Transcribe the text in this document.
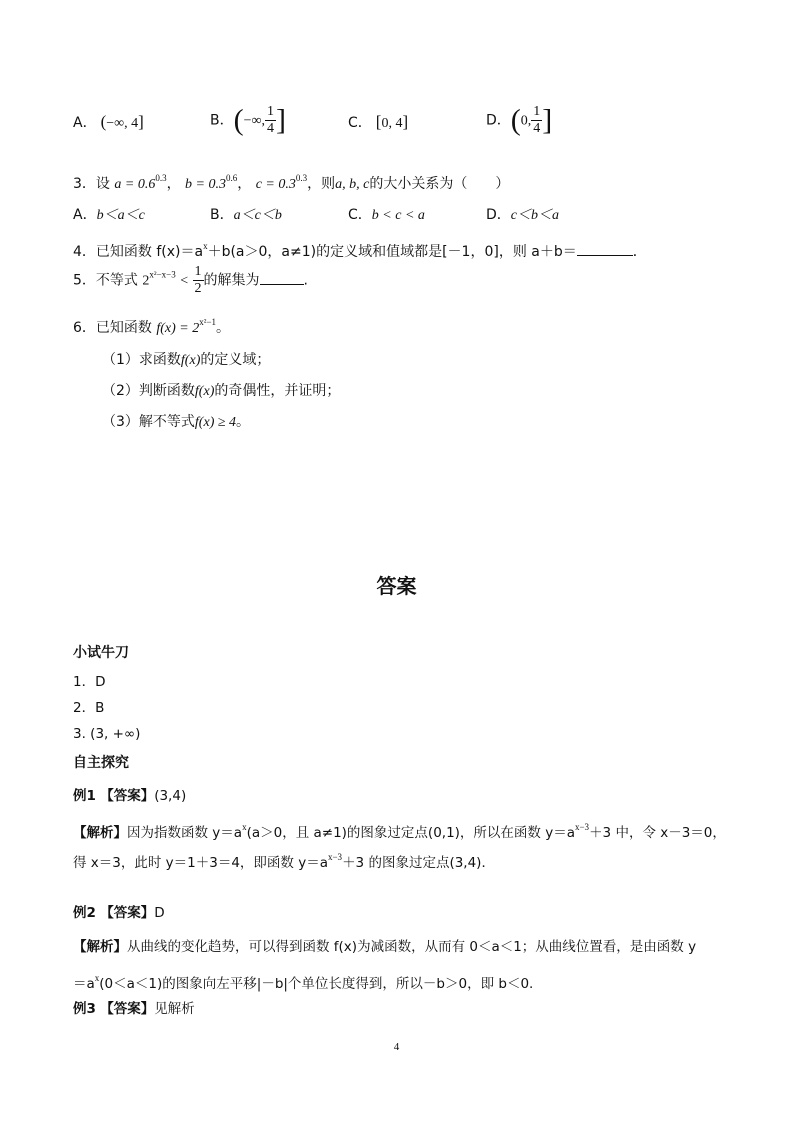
A． (−∞, 4]	B．(−∞, $\frac{1}{4}$ ]	C． [0, 4]	D．(0, $\frac{1}{4}$ ]
3．设 $a = 0.6^{0.3}$， $b = 0.3^{0.6}$， $c = 0.3^{0.3}$，则a, b, c的大小关系为（　　）
A．b＜a＜c	B．a＜c＜b	C．b < c < a	D．c＜b＜a
4．已知函数 $f(x)=a^x+b(a>0$，a≠1)的定义域和值域都是[－1，0]，则 a＋b＝	．
5．不等式 $2^{x^2-x-3} < \frac{1}{2}$ 的解集为	.
6．已知函数 $f(x) = 2^{x^2-1}$。
（1）求函数f(x)的定义域；
（2）判断函数f(x)的奇偶性，并证明；
（3）解不等式f(x) ≥ 4。
答案
小试牛刀
1．D
2．B
3. (3, +∞)
自主探究
例1 【答案】(3,4)
【解析】因为指数函数 $y=a^x(a>0$，且 a≠1)的图象过定点(0,1)，所以在函数 $y=a^{x-3}+3$ 中，令 x－3＝0，
得 x＝3，此时 y＝1＋3＝4，即函数 $y=a^{x-3}+3$ 的图象过定点(3,4)．
例2 【答案】D
【解析】从曲线的变化趋势，可以得到函数 f(x)为减函数，从而有 0＜a＜1；从曲线位置看，是由函数 y
$=a^x(0<a<1)$的图象向左平移|－b|个单位长度得到，所以－b＞0，即 b＜0.
例3 【答案】见解析
4
